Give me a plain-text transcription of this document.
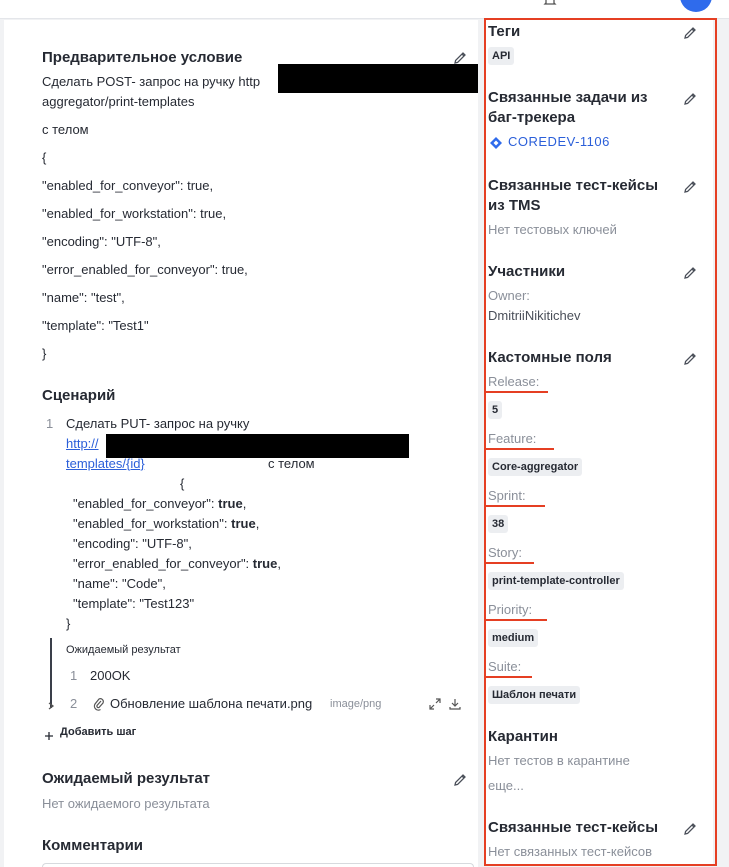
Предварительное условие
Сделать POST- запрос на ручку http
aggregator/print-templates
с телом
{
"enabled_for_conveyor": true,
"enabled_for_workstation": true,
"encoding": "UTF-8",
"error_enabled_for_conveyor": true,
"name": "test",
"template": "Test1"
}
Сценарий
1 Сделать PUT- запрос на ручку
http://
templates/{id}	с телом
{
"enabled_for_conveyor": true,
"enabled_for_workstation": true,
"encoding": "UTF-8",
"error_enabled_for_conveyor": true,
"name": "Code",
"template": "Test123"
}
Ожидаемый результат
1 200OK
2	Обновление шаблона печати.png image/png
Добавить шаг
Ожидаемый результат
Нет ожидаемого результата
Комментарии
Теги
API
Связанные задачи из
баг-трекера
COREDEV-1106
Связанные тест-кейсы
из TMS
Нет тестовых ключей
Участники
Owner:
DmitriiNikitichev
Кастомные поля
Release:
5
Feature:
Core-aggregator
Sprint:
38
Story:
print-template-controller
Priority:
medium
Suite:
Шаблон печати
Карантин
Нет тестов в карантине
еще...
Связанные тест-кейсы
Нет связанных тест-кейсов
